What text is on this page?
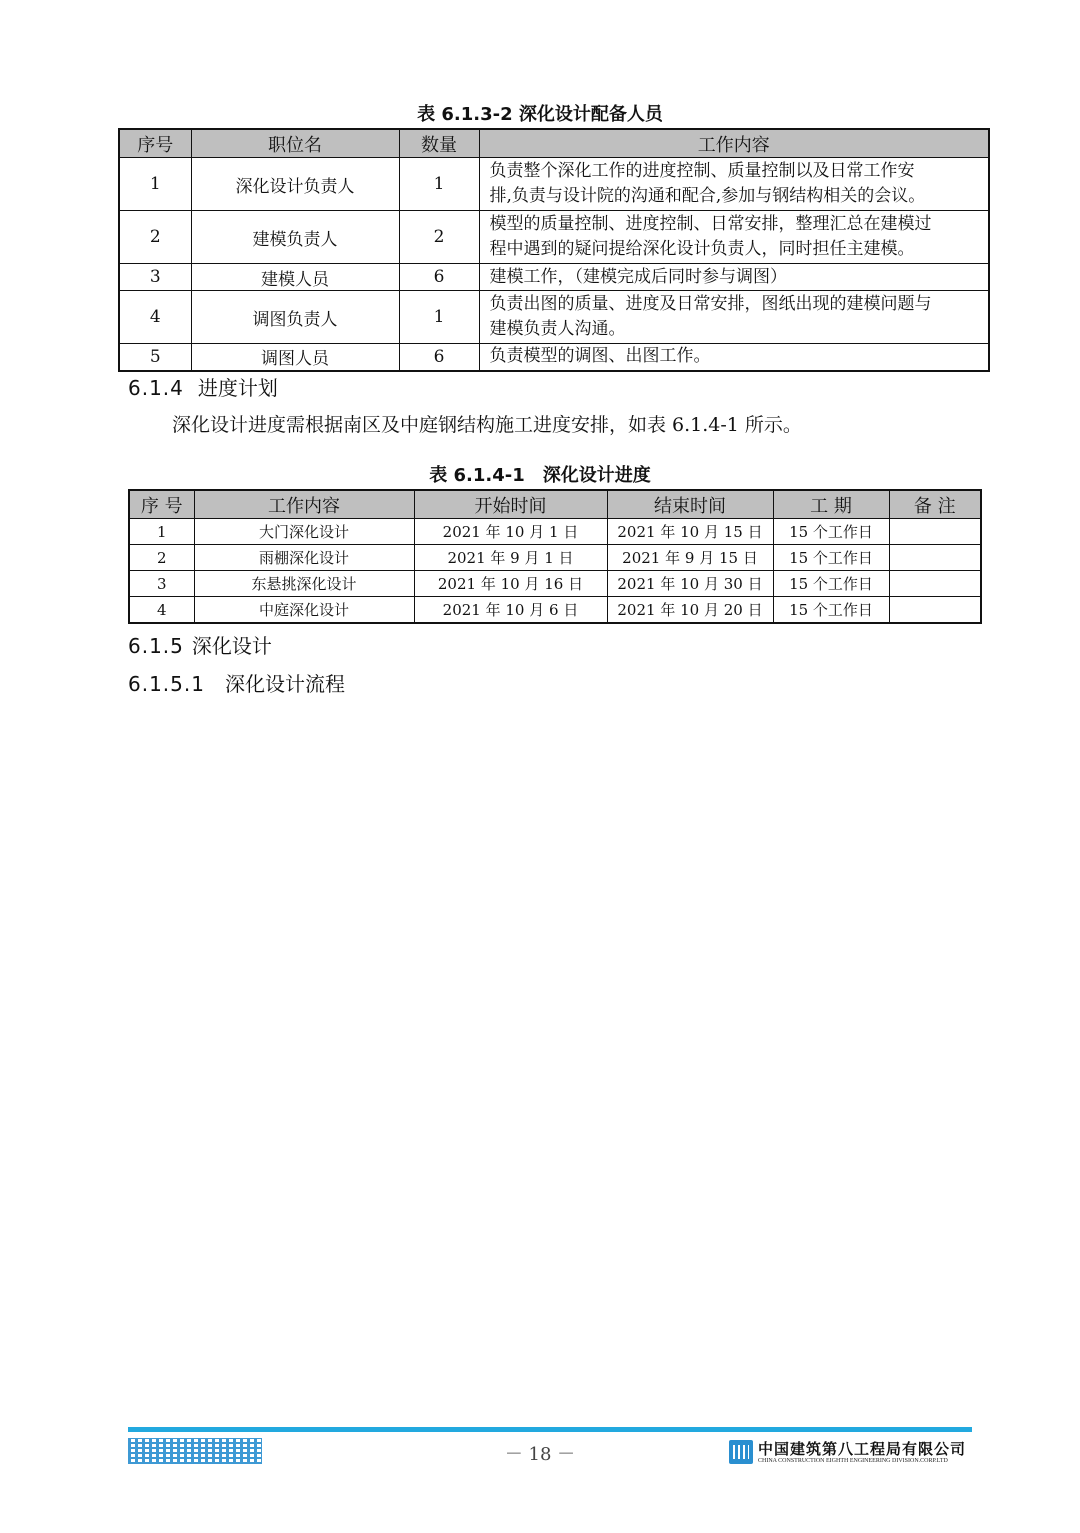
表 6.1.3-2 深化设计配备人员
序号	职位名	数量	工作内容
1	深化设计负责人	1	负责整个深化工作的进度控制、质量控制以及日常工作安
排,负责与设计院的沟通和配合,参加与钢结构相关的会议。

2	建模负责人	2	模型的质量控制、进度控制、日常安排，整理汇总在建模过
程中遇到的疑问提给深化设计负责人，同时担任主建模。

3	建模人员	6	建模工作，（建模完成后同时参与调图）

4	调图负责人	1	负责出图的质量、进度及日常安排，图纸出现的建模问题与
建模负责人沟通。

5	调图人员	6	负责模型的调图、出图工作。
6.1.4 进度计划
深化设计进度需根据南区及中庭钢结构施工进度安排，如表 6.1.4-1 所示。
表 6.1.4-1　深化设计进度
序 号	工作内容	开始时间	结束时间	工 期	备 注
1	大门深化设计	2021 年 10 月 1 日	2021 年 10 月 15 日	15 个工作日	
2	雨棚深化设计	2021 年 9 月 1 日	2021 年 9 月 15 日	15 个工作日	
3	东悬挑深化设计	2021 年 10 月 16 日	2021 年 10 月 30 日	15 个工作日	
4	中庭深化设计	2021 年 10 月 6 日	2021 年 10 月 20 日	15 个工作日	
6.1.5 深化设计
6.1.5.1 深化设计流程
－ 18 －	中国建筑第八工程局有限公司
CHINA CONSTRUCTION EIGHTH ENGINEERING DIVISION.CORP.LTD
